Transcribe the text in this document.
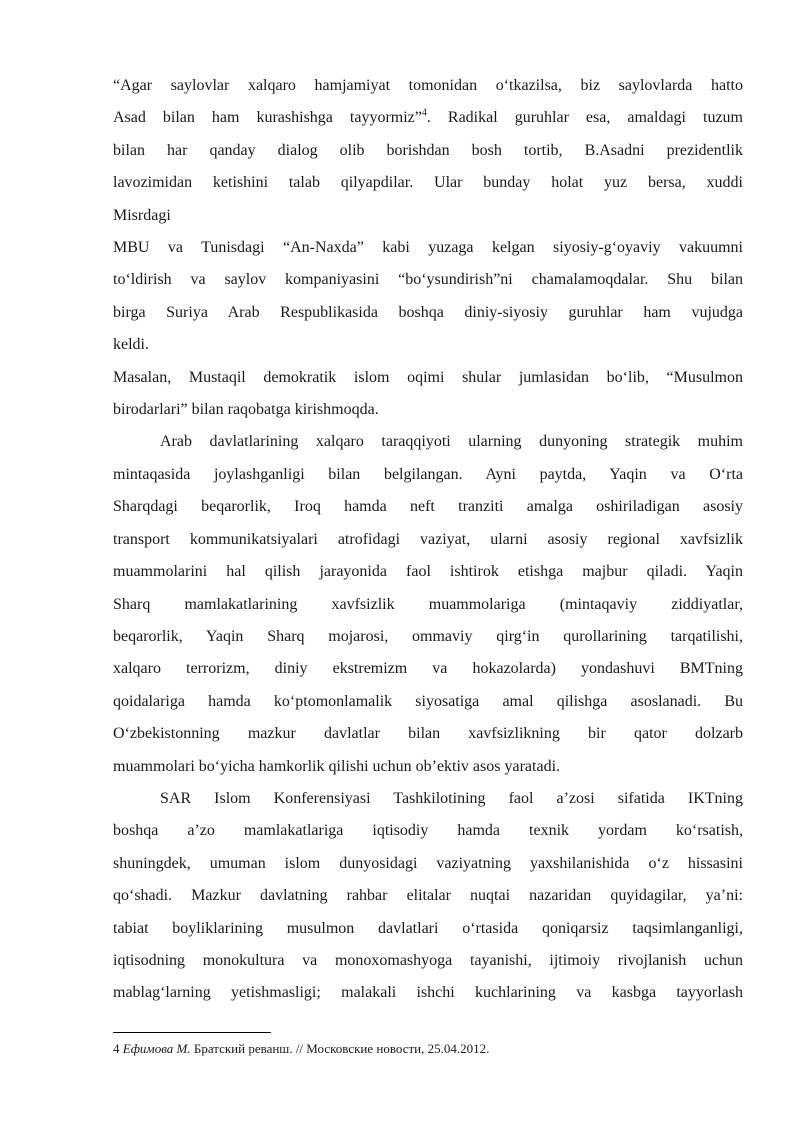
“Agar saylovlar xalqaro hamjamiyat tomonidan o‘tkazilsa, biz saylovlarda hatto

Asad bilan ham kurashishga tayyormiz”$^4$. Radikal guruhlar esa, amaldagi tuzum

bilan har qanday dialog olib borishdan bosh tortib, B.Asadni prezidentlik

lavozimidan ketishini talab qilyapdilar. Ular bunday holat yuz bersa, xuddi

Misrdagi

MBU va Tunisdagi “An-Naxda” kabi yuzaga kelgan siyosiy-g‘oyaviy vakuumni

to‘ldirish va saylov kompaniyasini “bo‘ysundirish”ni chamalamoqdalar. Shu bilan

birga Suriya Arab Respublikasida boshqa diniy-siyosiy guruhlar ham vujudga

keldi.

Masalan, Mustaqil demokratik islom oqimi shular jumlasidan bo‘lib, “Musulmon

birodarlari” bilan raqobatga kirishmoqda.

Arab davlatlarining xalqaro taraqqiyoti ularning dunyoning strategik muhim

mintaqasida joylashganligi bilan belgilangan. Ayni paytda, Yaqin va O‘rta

Sharqdagi beqarorlik, Iroq hamda neft tranziti amalga oshiriladigan asosiy

transport kommunikatsiyalari atrofidagi vaziyat, ularni asosiy regional xavfsizlik

muammolarini hal qilish jarayonida faol ishtirok etishga majbur qiladi. Yaqin

Sharq mamlakatlarining xavfsizlik muammolariga (mintaqaviy ziddiyatlar,

beqarorlik, Yaqin Sharq mojarosi, ommaviy qirg‘in qurollarining tarqatilishi,

xalqaro terrorizm, diniy ekstremizm va hokazolarda) yondashuvi BMTning

qoidalariga hamda ko‘ptomonlamalik siyosatiga amal qilishga asoslanadi. Bu

O‘zbekistonning mazkur davlatlar bilan xavfsizlikning bir qator dolzarb

muammolari bo‘yicha hamkorlik qilishi uchun ob’ektiv asos yaratadi.

SAR Islom Konferensiyasi Tashkilotining faol a’zosi sifatida IKTning

boshqa a’zo mamlakatlariga iqtisodiy hamda texnik yordam ko‘rsatish,

shuningdek, umuman islom dunyosidagi vaziyatning yaxshilanishida o‘z hissasini

qo‘shadi. Mazkur davlatning rahbar elitalar nuqtai nazaridan quyidagilar, ya’ni:

tabiat boyliklarining musulmon davlatlari o‘rtasida qoniqarsiz taqsimlanganligi,

iqtisodning monokultura va monoxomashyoga tayanishi, ijtimoiy rivojlanish uchun

mablag‘larning yetishmasligi; malakali ishchi kuchlarining va kasbga tayyorlash

4 Ефимова М. Братский реванш. // Московские новости, 25.04.2012.
